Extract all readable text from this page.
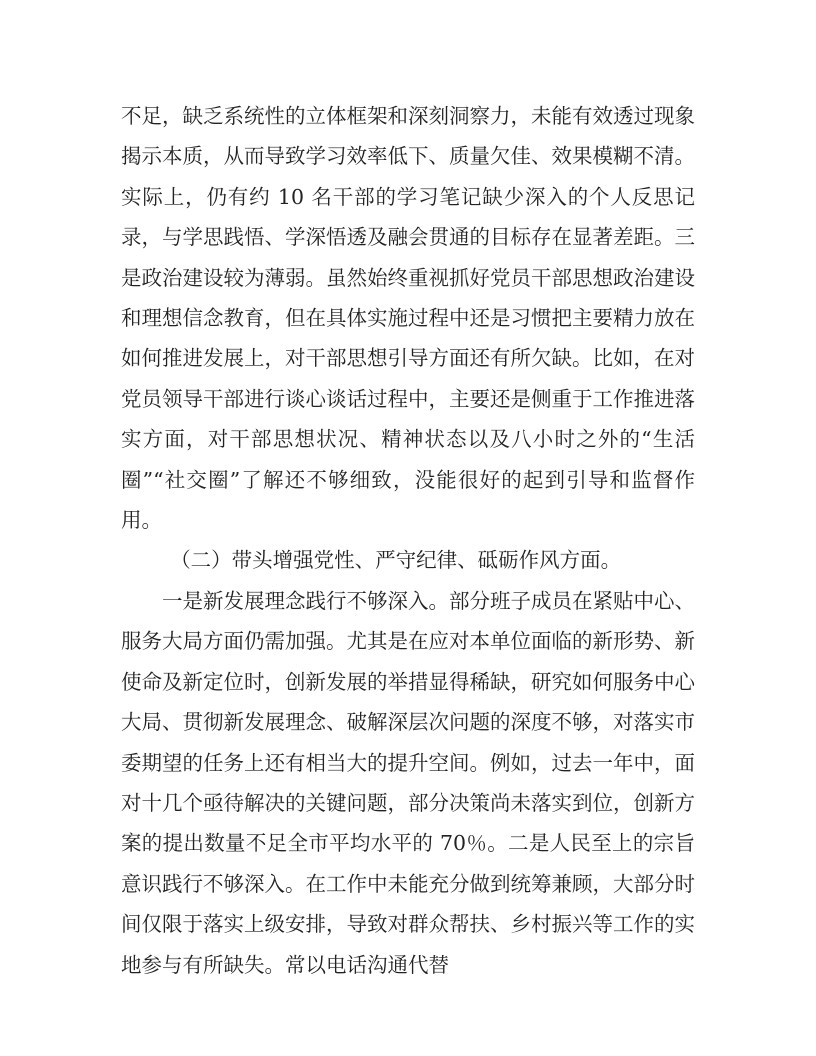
不足，缺乏系统性的立体框架和深刻洞察力，未能有效透过现象揭示本质，从而导致学习效率低下、质量欠佳、效果模糊不清。实际上，仍有约 10 名干部的学习笔记缺少深入的个人反思记录，与学思践悟、学深悟透及融会贯通的目标存在显著差距。三是政治建设较为薄弱。虽然始终重视抓好党员干部思想政治建设和理想信念教育，但在具体实施过程中还是习惯把主要精力放在如何推进发展上，对干部思想引导方面还有所欠缺。比如，在对党员领导干部进行谈心谈话过程中，主要还是侧重于工作推进落实方面，对干部思想状况、精神状态以及八小时之外的“生活圈”“社交圈”了解还不够细致，没能很好的起到引导和监督作用。

（二）带头增强党性、严守纪律、砥砺作风方面。

一是新发展理念践行不够深入。部分班子成员在紧贴中心、服务大局方面仍需加强。尤其是在应对本单位面临的新形势、新使命及新定位时，创新发展的举措显得稀缺，研究如何服务中心大局、贯彻新发展理念、破解深层次问题的深度不够，对落实市委期望的任务上还有相当大的提升空间。例如，过去一年中，面对十几个亟待解决的关键问题，部分决策尚未落实到位，创新方案的提出数量不足全市平均水平的 70％。二是人民至上的宗旨意识践行不够深入。在工作中未能充分做到统筹兼顾，大部分时间仅限于落实上级安排，导致对群众帮扶、乡村振兴等工作的实地参与有所缺失。常以电话沟通代替
